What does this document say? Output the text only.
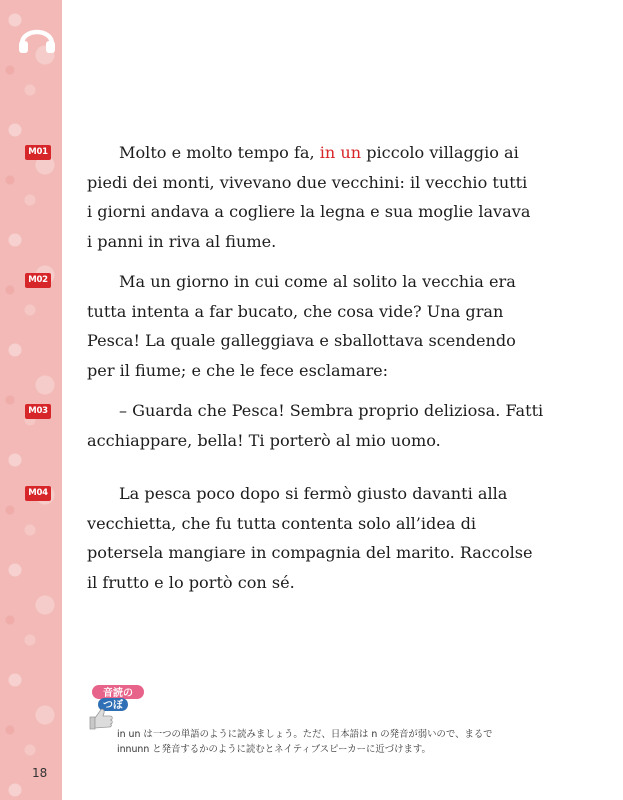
M01
M02
M03
M04
Molto e molto tempo fa, in un piccolo villaggio ai
piedi dei monti, vivevano due vecchini: il vecchio tutti
i giorni andava a cogliere la legna e sua moglie lavava
i panni in riva al fiume.
Ma un giorno in cui come al solito la vecchia era
tutta intenta a far bucato, che cosa vide? Una gran
Pesca! La quale galleggiava e sballottava scendendo
per il fiume; e che le fece esclamare:
– Guarda che Pesca! Sembra proprio deliziosa. Fatti
acchiappare, bella! Ti porterò al mio uomo.
La pesca poco dopo si fermò giusto davanti alla
vecchietta, che fu tutta contenta solo all’idea di
potersela mangiare in compagnia del marito. Raccolse
il frutto e lo portò con sé.
音読の
つぼ

in un は一つの単語のように読みましょう。ただ、日本語は n の発音が弱いので、まるで

innunn と発音するかのように読むとネイティブスピーカーに近づけます。

18
